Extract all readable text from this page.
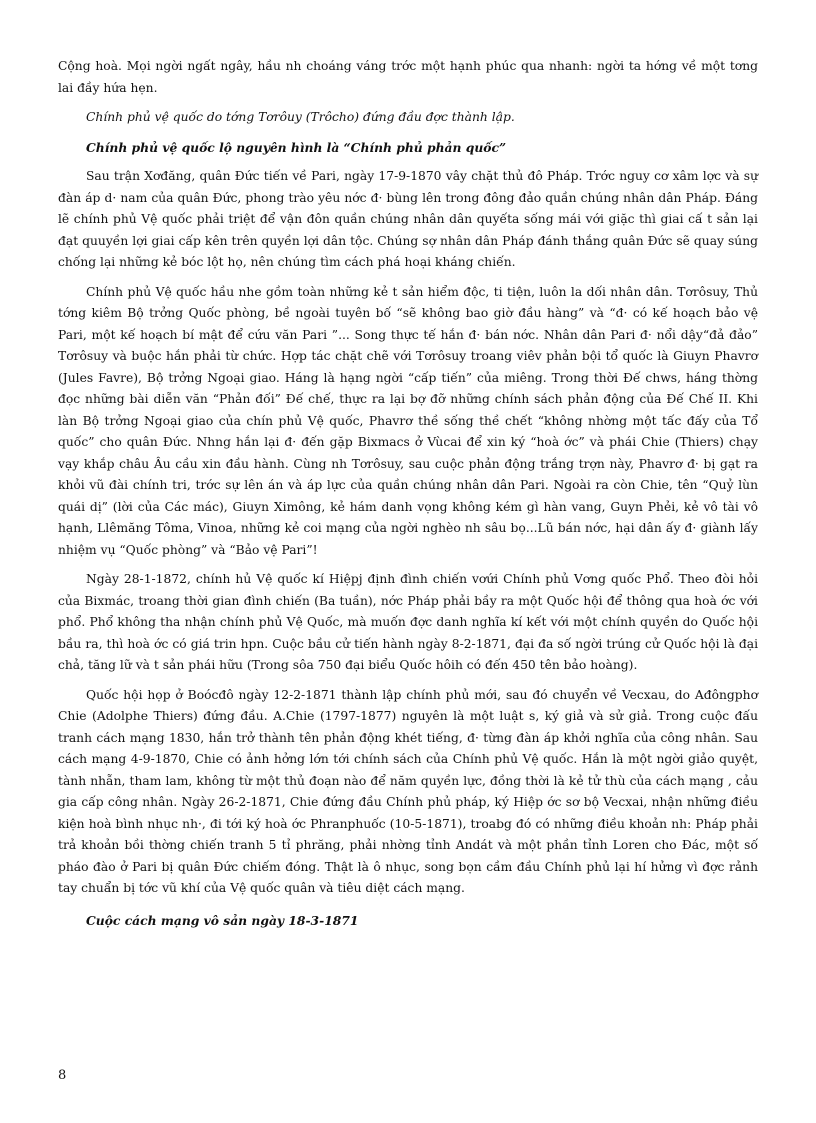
Cộng hoà. Mọi ngời ngất ngây, hầu nh choáng váng trớc một hạnh phúc qua nhanh: ngời ta hớng về một tơng lai đầy hứa hẹn.

Chính phủ vệ quốc do tớng Tơrôuy (Trôcho) đứng đầu đợc thành lập.

Chính phủ vệ quốc lộ nguyên hình là “Chính phủ phản quốc”

Sau trận Xơđăng, quân Đức tiến về Pari, ngày 17-9-1870 vây chặt thủ đô Pháp. Trớc nguy cơ xâm lợc và sự đàn áp d· nam của quân Đức, phong trào yêu nớc đ· bùng lên trong đông đảo quần chúng nhân dân Pháp. Đáng lẽ chính phủ Vệ quốc phải triệt để vận đôn quần chúng nhân dân quyếta sống mái với giặc thì giai cấ t sản lại đạt quuyền lợi giai cấp kên trên quyền lợi dân tộc. Chúng sợ nhân dân Pháp đánh thắng quân Đức sẽ quay súng chống lại những kẻ bóc lột họ, nên chúng tìm cách phá hoại kháng chiến.

Chính phủ Vệ quốc hầu nhe gồm toàn những kẻ t sản hiểm độc, ti tiện, luôn la dối nhân dân. Tơrôsuy, Thủ tớng kiêm Bộ trởng Quốc phòng, bề ngoài tuyên bố “sẽ không bao giờ đầu hàng” và “đ· có kế hoạch bảo vệ Pari, một kế hoạch bí mật để cứu văn Pari ”... Song thực tế hắn đ· bán nớc. Nhân dân Pari đ· nổi dậy“đả đảo” Tơrôsuy và buộc hắn phải từ chức. Hợp tác chặt chẽ với Tơrôsuy troang viêv phản bội tổ quốc là Giuyn Phavrơ (Jules Favre), Bộ trởng Ngoại giao. Háng là hạng ngời “cấp tiến” của miêng. Trong thời Đế chws, háng thờng đọc những bài diễn văn “Phản đối” Đế chế, thực ra lại bợ đỡ những chính sách phản động của Đế Chế II. Khi làn Bộ trởng Ngoại giao của chín phủ Vệ quốc, Phavrơ thề sống thề chết “không nhờng một tấc đấy của Tổ quốc” cho quân Đức. Nhng hắn lại đ· đến gặp Bixmacs ở Vùcai để xin ký “hoà ớc” và phái Chie (Thiers) chạy vạy khắp châu Âu cầu xin đầu hành. Cùng nh Tơrôsuy, sau cuộc phản động trắng trợn này, Phavrơ đ· bị gạt ra khỏi vũ đài chính tri, trớc sự lên án và áp lực của quần chúng nhân dân Pari. Ngoài ra còn Chie, tên “Quỷ lùn quái dị” (lời của Các mác), Giuyn Ximông, kẻ hám danh vọng không kém gì hàn vang, Guyn Phẻi, kẻ vô tài vô hạnh, Llêmăng Tôma, Vinoa, những kẻ coi mạng của ngời nghèo nh sâu bọ...Lũ bán nớc, hại dân ấy đ· giành lấy nhiệm vụ “Quốc phòng” và “Bảo vệ Pari”!

Ngày 28-1-1872, chính hủ Vệ quốc kí Hiệpj định đình chiến vơứi Chính phủ Vơng quốc Phổ. Theo đòi hỏi của Bixmác, troang thời gian đình chiến (Ba tuần), nớc Pháp phải bầy ra một Quốc hội để thông qua hoà ớc với phổ. Phổ không tha nhận chính phủ Vệ Quốc, mà muốn đợc danh nghĩa kí kết với một chính quyền do Quốc hội bầu ra, thì hoà ớc có giá trin hpn. Cuộc bầu cử tiến hành ngày 8-2-1871, đại đa số ngời trúng cử Quốc hội là đại chả, tăng lữ và t sản phái hữu (Trong sôa 750 đại biểu Quốc hôih có đến 450 tên bảo hoàng).

Quốc hội họp ở Boócđô ngày 12-2-1871 thành lập chính phủ mới, sau đó chuyển về Vecxau, do Ađôngphơ Chie (Adolphe Thiers) đứng đầu. A.Chie (1797-1877) nguyên là một luật s, ký giả và sử giả. Trong cuộc đấu tranh cách mạng 1830, hắn trở thành tên phản động khét tiếng, đ· từng đàn áp khởi nghĩa của công nhân. Sau cách mạng 4-9-1870, Chie có ảnh hởng lớn tới chính sách của Chính phủ Vệ quốc. Hắn là một ngời giảo quyệt, tành nhẫn, tham lam, không từ một thủ đoạn nào để năm quyền lực, đồng thời là kẻ tử thù của cách mạng , cảu gia cấp công nhân. Ngày 26-2-1871, Chie đứng đầu Chính phủ pháp, ký Hiệp ớc sơ bộ Vecxai, nhận những điều kiện hoà bình nhục nh·, đi tới ký hoà ớc Phranphuốc (10-5-1871), troabg đó có những điều khoản nh: Pháp phải trả khoản bồi thờng chiến tranh 5 tỉ phrăng, phải nhờng tỉnh Andát và một phần tỉnh Loren cho Đác, một số pháo đào ở Pari bị quân Đức chiếm đóng. Thật là ô nhục, song bọn cầm đầu Chính phủ lại hí hửng vì đợc rảnh tay chuẩn bị tớc vũ khí của Vệ quốc quân và tiêu diệt cách mạng.

Cuộc cách mạng vô sản ngày 18-3-1871

8
